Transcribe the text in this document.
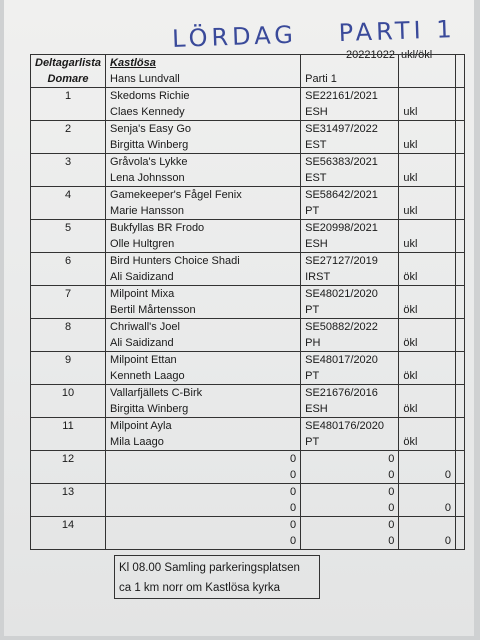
LÖRDAG PARTI 1
20221022 ukl/ökl
Deltagarlista	Kastlösa			
Domare	Hans Lundvall	Parti 1		
1	Skedoms Richie	SE22161/2021		
	Claes Kennedy	ESH	ukl	
2	Senja's Easy Go	SE31497/2022		
	Birgitta Winberg	EST	ukl	
3	Gråvola's Lykke	SE56383/2021		
	Lena Johnsson	EST	ukl	
4	Gamekeeper's Fågel Fenix	SE58642/2021		
	Marie Hansson	PT	ukl	
5	Bukfyllas BR Frodo	SE20998/2021		
	Olle Hultgren	ESH	ukl	
6	Bird Hunters Choice Shadi	SE27127/2019		
	Ali Saidizand	IRST	ökl	
7	Milpoint Mixa	SE48021/2020		
	Bertil Mårtensson	PT	ökl	
8	Chriwall's Joel	SE50882/2022		
	Ali Saidizand	PH	ökl	
9	Milpoint Ettan	SE48017/2020		
	Kenneth Laago	PT	ökl	
10	Vallarfjällets C-Birk	SE21676/2016		
	Birgitta Winberg	ESH	ökl	
11	Milpoint Ayla	SE480176/2020		
	Mila Laago	PT	ökl	
12	0	0		
	0	0	0	
13	0	0		
	0	0	0	
14	0	0		
	0	0	0	
Kl 08.00 Samling parkeringsplatsen
ca 1 km norr om Kastlösa kyrka
